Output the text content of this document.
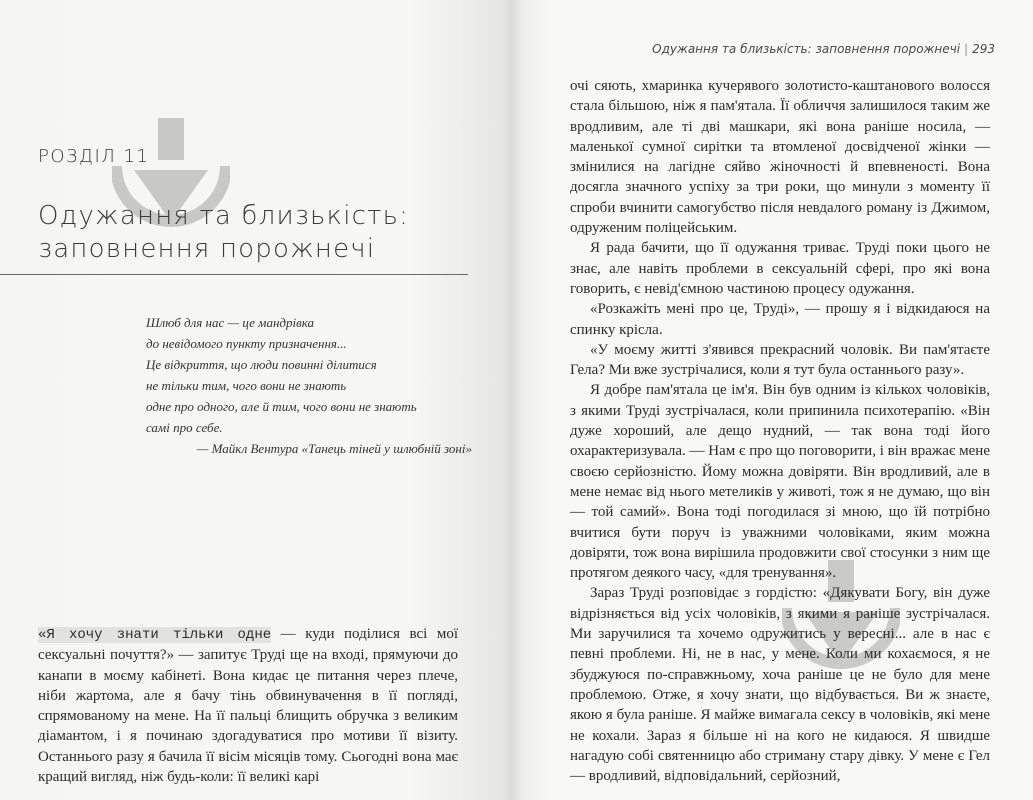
РОЗДІЛ 11
Одужання та близькість:
заповнення порожнечі
Шлюб для нас — це мандрівка
до невідомого пункту призначення...
Це відкриття, що люди повинні ділитися
не тільки тим, чого вони не знають
одне про одного, але й тим, чого вони не знають
самі про себе.
— Майкл Вентура «Танець тіней у шлюбній зоні»

«Я хочу знати тільки одне — куди поділися всі мої сексуальні почуття?» — запитує Труді ще на вході, прямуючи до канапи в моєму кабінеті. Вона кидає це питання через плече, ніби жартома, але я бачу тінь обвинувачення в її погляді, спрямованому на мене. На її пальці блищить обручка з великим діамантом, і я починаю здогадуватися про мотиви її візиту. Останнього разу я бачила її вісім місяців тому. Сьогодні вона має кращий вигляд, ніж будь-коли: її великі карі

Одужання та близькість: заповнення порожнечі | 293

очі сяють, хмаринка кучерявого золотисто-каштанового волосся стала більшою, ніж я пам'ятала. Її обличчя залишилося таким же вродливим, але ті дві машкари, які вона раніше носила, — маленької сумної сирітки та втомленої досвідченої жінки — змінилися на лагідне сяйво жіночності й впевненості. Вона досягла значного успіху за три роки, що минули з моменту її спроби вчинити самогубство після невдалого роману із Джимом, одруженим поліцейським.

Я рада бачити, що її одужання триває. Труді поки цього не знає, але навіть проблеми в сексуальній сфері, про які вона говорить, є невід'ємною частиною процесу одужання.

«Розкажіть мені про це, Труді», — прошу я і відкидаюся на спинку крісла.

«У моєму житті з'явився прекрасний чоловік. Ви пам'ятаєте Гела? Ми вже зустрічалися, коли я тут була останнього разу».

Я добре пам'ятала це ім'я. Він був одним із кількох чоловіків, з якими Труді зустрічалася, коли припинила психотерапію. «Він дуже хороший, але дещо нудний, — так вона тоді його охарактеризувала. — Нам є про що поговорити, і він вражає мене своєю серйозністю. Йому можна довіряти. Він вродливий, але в мене немає від нього метеликів у животі, тож я не думаю, що він — той самий». Вона тоді погодилася зі мною, що їй потрібно вчитися бути поруч із уважними чоловіками, яким можна довіряти, тож вона вирішила продовжити свої стосунки з ним ще протягом деякого часу, «для тренування».

Зараз Труді розповідає з гордістю: «Дякувати Богу, він дуже відрізняється від усіх чоловіків, з якими я раніше зустрічалася. Ми заручилися та хочемо одружитись у вересні... але в нас є певні проблеми. Ні, не в нас, у мене. Коли ми кохаємося, я не збуджуюся по-справжньому, хоча раніше це не було для мене проблемою. Отже, я хочу знати, що відбувається. Ви ж знаєте, якою я була раніше. Я майже вимагала сексу в чоловіків, які мене не кохали. Зараз я більше ні на кого не кидаюся. Я швидше нагадую собі святенницю або стриману стару дівку. У мене є Гел — вродливий, відповідальний, серйозний,
